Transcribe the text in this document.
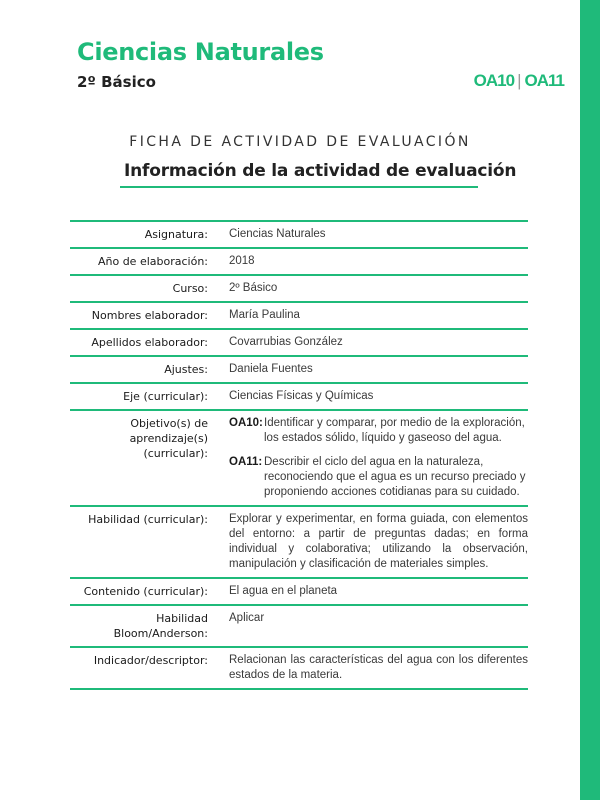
Ciencias Naturales
2º Básico	OA10 | OA11
FICHA DE ACTIVIDAD DE EVALUACIÓN
Información de la actividad de evaluación
Asignatura:	Ciencias Naturales
Año de elaboración:	2018
Curso:	2º Básico
Nombres elaborador:	María Paulina
Apellidos elaborador:	Covarrubias González
Ajustes:	Daniela Fuentes
Eje (curricular):	Ciencias Físicas y Químicas
Objetivo(s) de aprendizaje(s) (curricular):	OA10: Identificar y comparar, por medio de la exploración, los estados sólido, líquido y gaseoso del agua.
OA11: Describir el ciclo del agua en la naturaleza, reconociendo que el agua es un recurso preciado y proponiendo acciones cotidianas para su cuidado.

Habilidad (curricular):	Explorar y experimentar, en forma guiada, con elementos del entorno: a partir de preguntas dadas; en forma individual y colaborativa; utilizando la observación, manipulación y clasificación de materiales simples.
Contenido (curricular):	El agua en el planeta
Habilidad Bloom/Anderson:	Aplicar
Indicador/descriptor:	Relacionan las características del agua con los diferentes estados de la materia.
